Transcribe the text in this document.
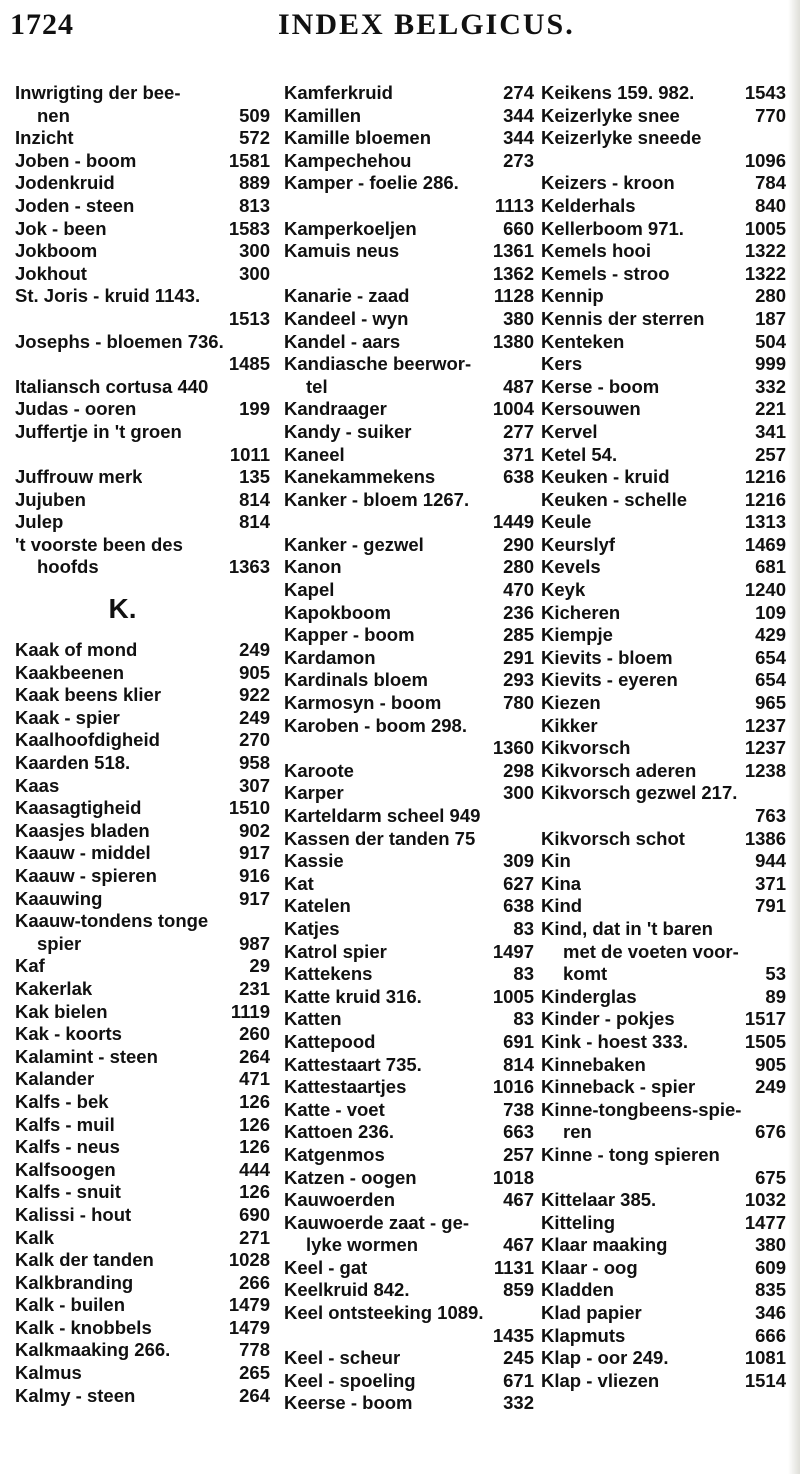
1724	INDEX BELGICUS.
Inwrigting der bee-
nen	509
Inzicht	572
Joben - boom	1581
Jodenkruid	889
Joden - steen	813
Jok - been	1583
Jokboom	300
Jokhout	300
St. Joris - kruid 1143.
1513
Josephs - bloemen 736.
1485
Italiansch cortusa 440
Judas - ooren	199
Juffertje in 't groen
1011
Juffrouw merk	135
Jujuben	814
Julep	814
't voorste been des
hoofds	1363
K.
Kaak of mond	249
Kaakbeenen	905
Kaak beens klier	922
Kaak - spier	249
Kaalhoofdigheid	270
Kaarden 518.	958
Kaas	307
Kaasagtigheid	1510
Kaasjes bladen	902
Kaauw - middel	917
Kaauw - spieren	916
Kaauwing	917
Kaauw-tondens tonge
spier	987
Kaf	29
Kakerlak	231
Kak bielen	1119
Kak - koorts	260
Kalamint - steen	264
Kalander	471
Kalfs - bek	126
Kalfs - muil	126
Kalfs - neus	126
Kalfsoogen	444
Kalfs - snuit	126
Kalissi - hout	690
Kalk	271
Kalk der tanden	1028
Kalkbranding	266
Kalk - builen	1479
Kalk - knobbels	1479
Kalkmaaking 266.	778
Kalmus	265
Kalmy - steen	264
Kamferkruid	274
Kamillen	344
Kamille bloemen	344
Kampechehou	273
Kamper - foelie 286.
1113
Kamperkoeljen	660
Kamuis neus	1361
1362
Kanarie - zaad	1128
Kandeel - wyn	380
Kandel - aars	1380
Kandiasche beerwor-
tel	487
Kandraager	1004
Kandy - suiker	277
Kaneel	371
Kanekammekens	638
Kanker - bloem 1267.
1449
Kanker - gezwel	290
Kanon	280
Kapel	470
Kapokboom	236
Kapper - boom	285
Kardamon	291
Kardinals bloem	293
Karmosyn - boom	780
Karoben - boom 298.
1360
Karoote	298
Karper	300
Karteldarm scheel 949
Kassen der tanden 75
Kassie	309
Kat	627
Katelen	638
Katjes	83
Katrol spier	1497
Kattekens	83
Katte kruid 316.	1005
Katten	83
Kattepood	691
Kattestaart 735.	814
Kattestaartjes	1016
Katte - voet	738
Kattoen 236.	663
Katgenmos	257
Katzen - oogen	1018
Kauwoerden	467
Kauwoerde zaat - ge-
lyke wormen	467
Keel - gat	1131
Keelkruid 842.	859
Keel ontsteeking 1089.
1435
Keel - scheur	245
Keel - spoeling	671
Keerse - boom	332
Keikens 159. 982.	1543
Keizerlyke snee	770
Keizerlyke sneede
1096
Keizers - kroon	784
Kelderhals	840
Kellerboom 971.	1005
Kemels hooi	1322
Kemels - stroo	1322
Kennip	280
Kennis der sterren	187
Kenteken	504
Kers	999
Kerse - boom	332
Kersouwen	221
Kervel	341
Ketel 54.	257
Keuken - kruid	1216
Keuken - schelle	1216
Keule	1313
Keurslyf	1469
Kevels	681
Keyk	1240
Kicheren	109
Kiempje	429
Kievits - bloem	654
Kievits - eyeren	654
Kiezen	965
Kikker	1237
Kikvorsch	1237
Kikvorsch aderen	1238
Kikvorsch gezwel 217.
763
Kikvorsch schot	1386
Kin	944
Kina	371
Kind	791
Kind, dat in 't baren
met de voeten voor-
komt	53
Kinderglas	89
Kinder - pokjes	1517
Kink - hoest 333.	1505
Kinnebaken	905
Kinneback - spier	249
Kinne-tongbeens-spie-
ren	676
Kinne - tong spieren
675
Kittelaar 385.	1032
Kitteling	1477
Klaar maaking	380
Klaar - oog	609
Kladden	835
Klad papier	346
Klapmuts	666
Klap - oor 249.	1081
Klap - vliezen	1514
